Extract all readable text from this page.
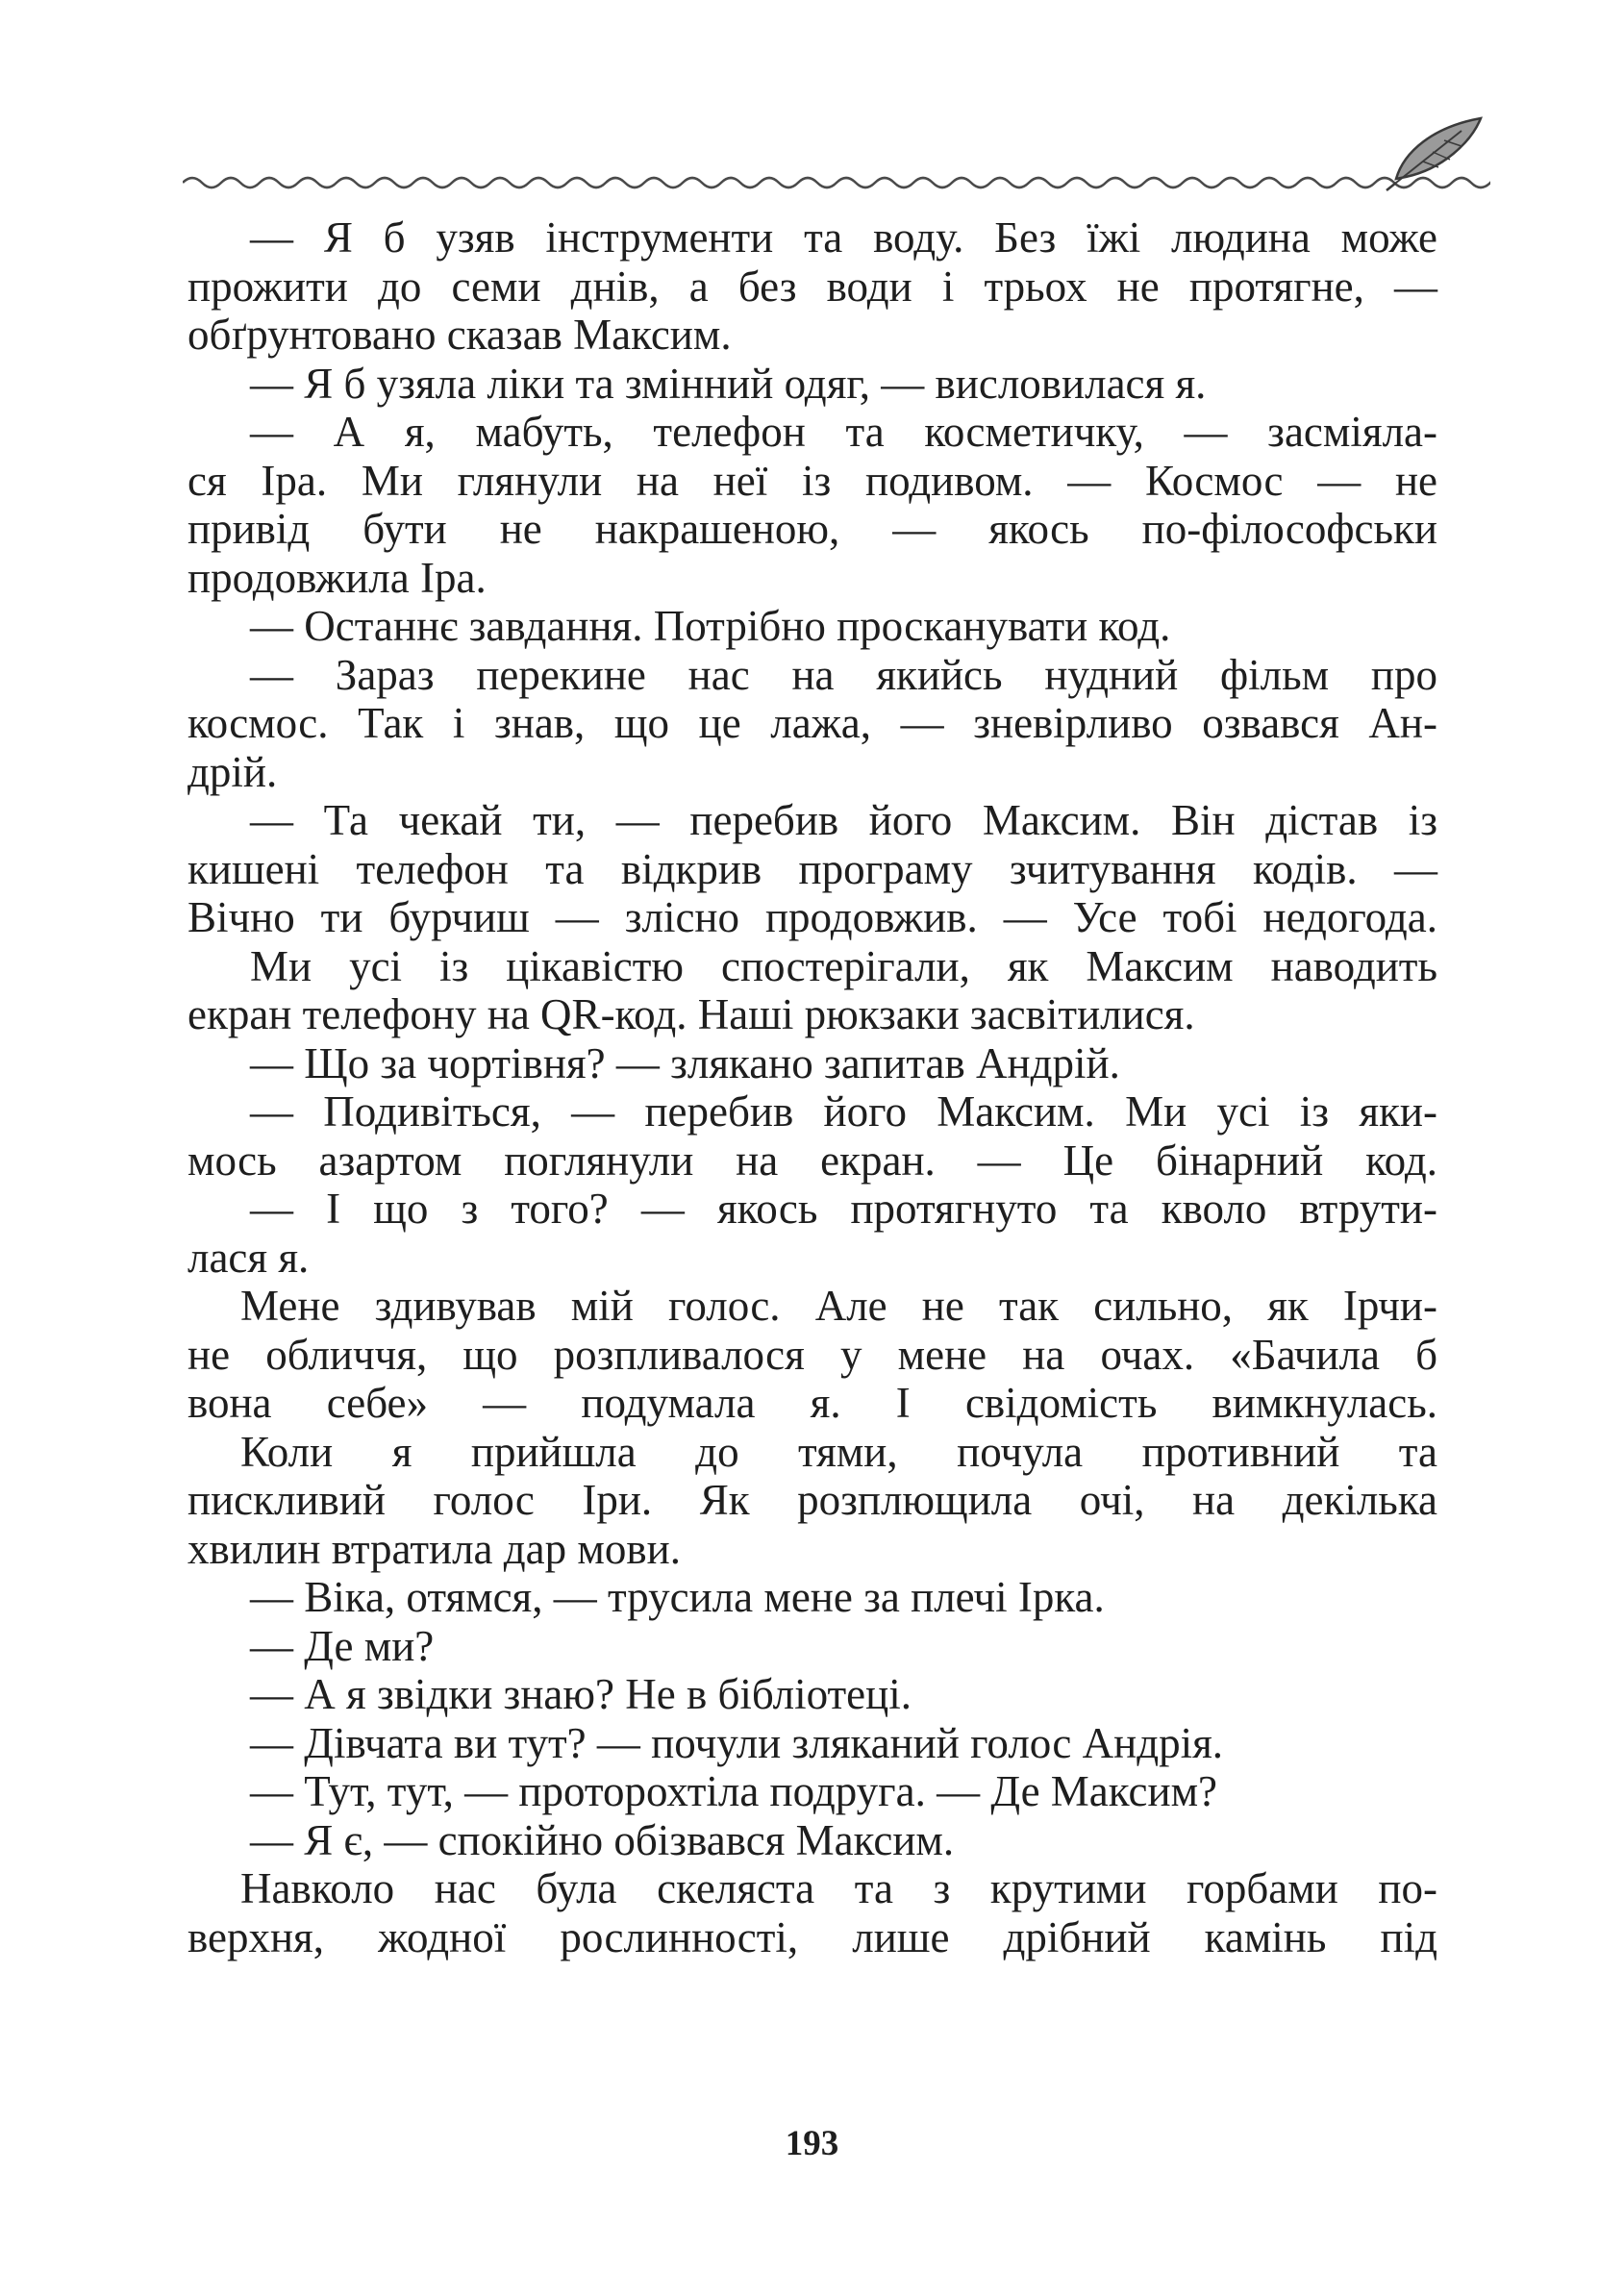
— Я б узяв інструменти та воду. Без їжі людина може
прожити до семи днів, а без води і трьох не протягне, —
обґрунтовано сказав Максим.
— Я б узяла ліки та змінний одяг, — висловилася я.
— А я, мабуть, телефон та косметичку, — засміяла-
ся Іра. Ми глянули на неї із подивом. — Космос — не
привід бути не накрашеною, — якось по-філософськи
продовжила Іра.
— Останнє завдання. Потрібно просканувати код.
— Зараз перекине нас на якийсь нудний фільм про
космос. Так і знав, що це лажа, — зневірливо озвався Ан-
дрій.
— Та чекай ти, — перебив його Максим. Він дістав із
кишені телефон та відкрив програму зчитування кодів. —
Вічно ти бурчиш — злісно продовжив. — Усе тобі недогода.
Ми усі із цікавістю спостерігали, як Максим наводить
екран телефону на QR-код. Наші рюкзаки засвітилися.
— Що за чортівня? — злякано запитав Андрій.
— Подивіться, — перебив його Максим. Ми усі із яки-
мось азартом поглянули на екран. — Це бінарний код.
— І що з того? — якось протягнуто та кволо втрути-
лася я.
Мене здивував мій голос. Але не так сильно, як Ірчи-
не обличчя, що розпливалося у мене на очах. «Бачила б
вона себе» — подумала я. І свідомість вимкнулась.
Коли я прийшла до тями, почула противний та
пискливий голос Іри. Як розплющила очі, на декілька
хвилин втратила дар мови.
— Віка, отямся, — трусила мене за плечі Ірка.
— Де ми?
— А я звідки знаю? Не в бібліотеці.
— Дівчата ви тут? — почули зляканий голос Андрія.
— Тут, тут, — проторохтіла подруга. — Де Максим?
— Я є, — спокійно обізвався Максим.
Навколо нас була скеляста та з крутими горбами по-
верхня, жодної рослинності, лише дрібний камінь під
193
